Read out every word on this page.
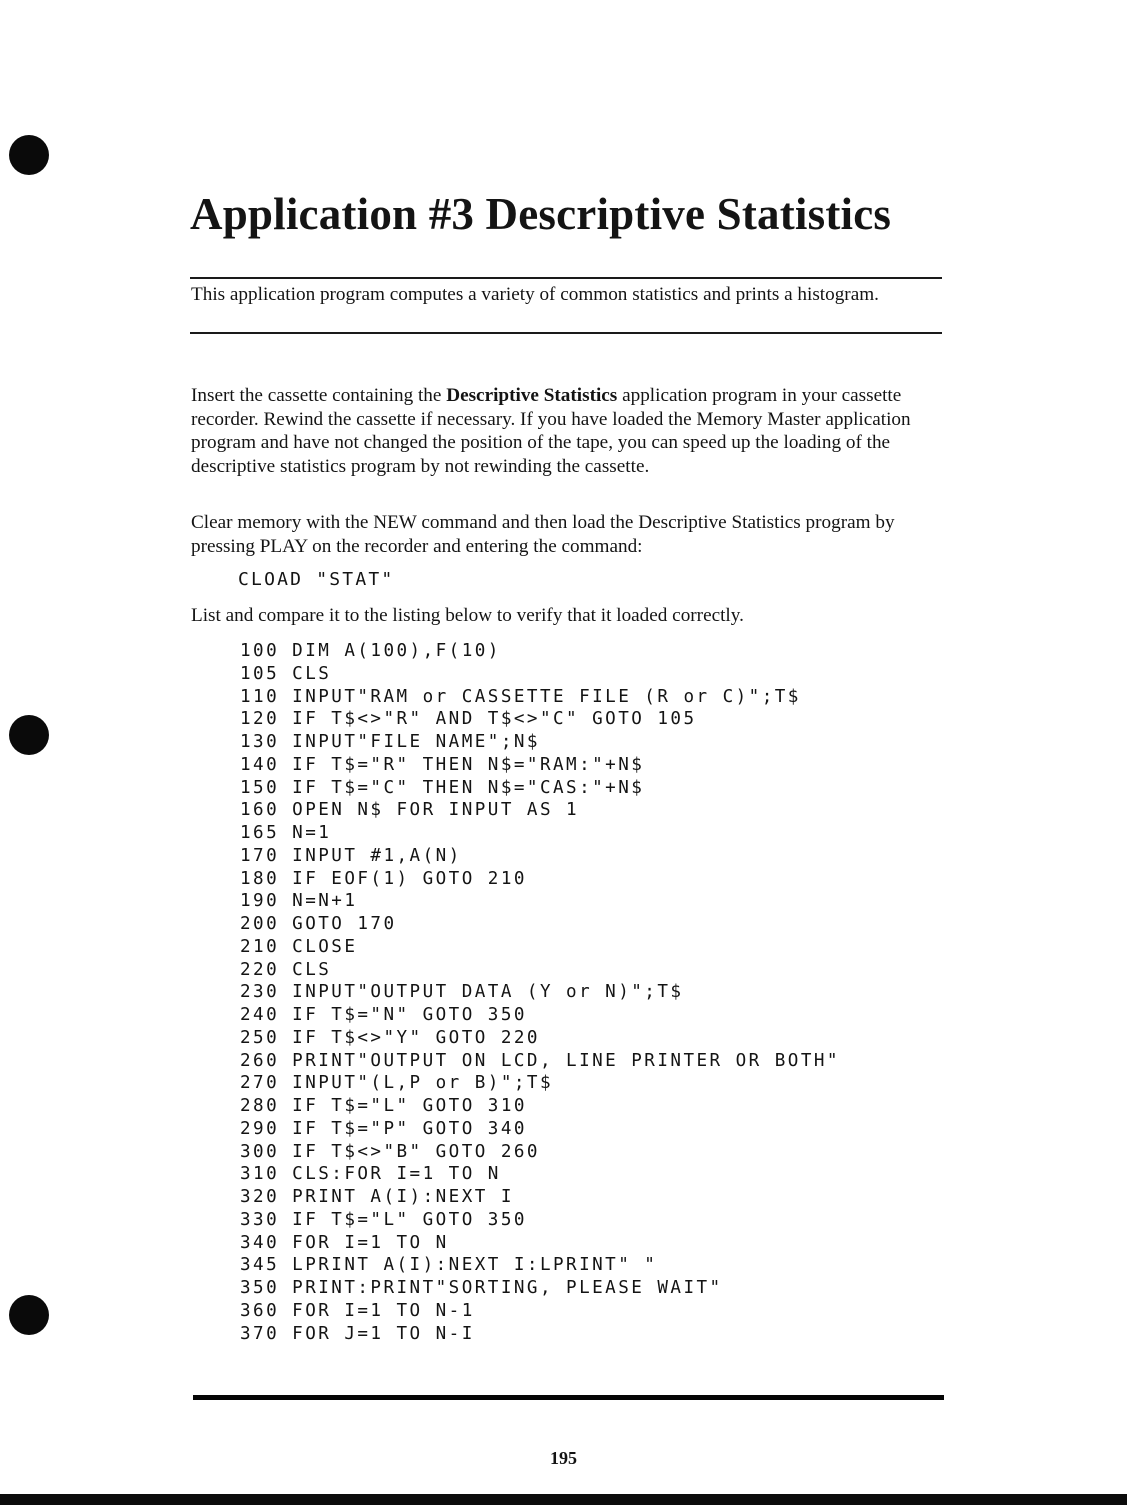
Application #3 Descriptive Statistics

This application program computes a variety of common statistics and prints a histogram.

Insert the cassette containing the Descriptive Statistics application program in your cassette recorder. Rewind the cassette if necessary. If you have loaded the Memory Master application program and have not changed the position of the tape, you can speed up the loading of the descriptive statistics program by not rewinding the cassette.

Clear memory with the NEW command and then load the Descriptive Statistics program by pressing PLAY on the recorder and entering the command:

CLOAD "STAT"

List and compare it to the listing below to verify that it loaded correctly.

100 DIM A(100),F(10)
105 CLS
110 INPUT"RAM or CASSETTE FILE (R or C)";T$
120 IF T$<>"R" AND T$<>"C" GOTO 105
130 INPUT"FILE NAME";N$
140 IF T$="R" THEN N$="RAM:"+N$
150 IF T$="C" THEN N$="CAS:"+N$
160 OPEN N$ FOR INPUT AS 1
165 N=1
170 INPUT #1,A(N)
180 IF EOF(1) GOTO 210
190 N=N+1
200 GOTO 170
210 CLOSE
220 CLS
230 INPUT"OUTPUT DATA (Y or N)";T$
240 IF T$="N" GOTO 350
250 IF T$<>"Y" GOTO 220
260 PRINT"OUTPUT ON LCD, LINE PRINTER OR BOTH"
270 INPUT"(L,P or B)";T$
280 IF T$="L" GOTO 310
290 IF T$="P" GOTO 340
300 IF T$<>"B" GOTO 260
310 CLS:FOR I=1 TO N
320 PRINT A(I):NEXT I
330 IF T$="L" GOTO 350
340 FOR I=1 TO N
345 LPRINT A(I):NEXT I:LPRINT" "
350 PRINT:PRINT"SORTING, PLEASE WAIT"
360 FOR I=1 TO N-1
370 FOR J=1 TO N-I
195
